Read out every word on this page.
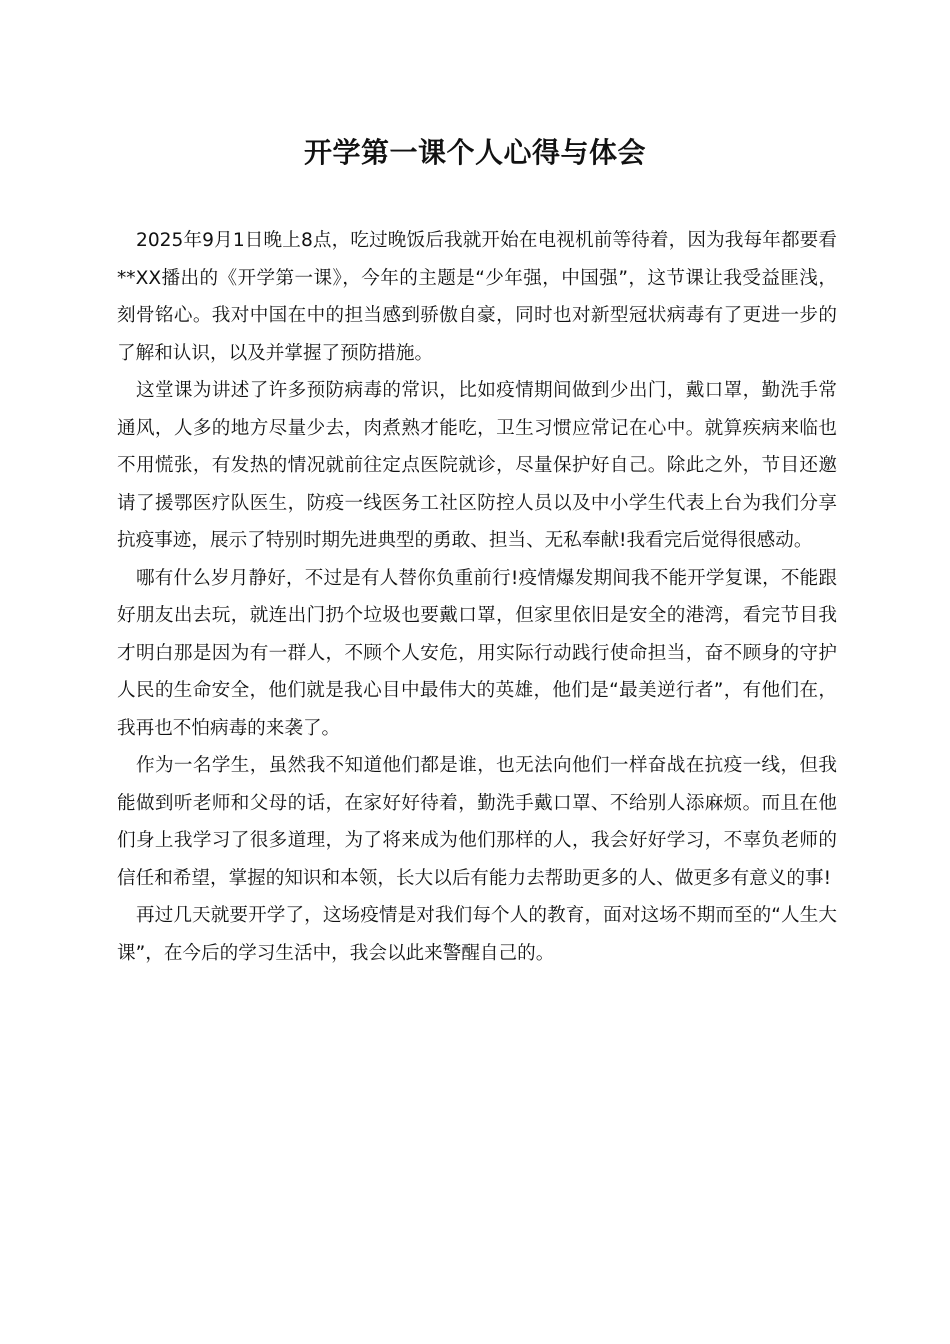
开学第一课个人心得与体会

2025年9月1日晚上8点，吃过晚饭后我就开始在电视机前等待着，因为我每年都要看**XX播出的《开学第一课》，今年的主题是“少年强，中国强”，这节课让我受益匪浅，刻骨铭心。我对中国在中的担当感到骄傲自豪，同时也对新型冠状病毒有了更进一步的了解和认识，以及并掌握了预防措施。

这堂课为讲述了许多预防病毒的常识，比如疫情期间做到少出门，戴口罩，勤洗手常通风，人多的地方尽量少去，肉煮熟才能吃，卫生习惯应常记在心中。就算疾病来临也不用慌张，有发热的情况就前往定点医院就诊，尽量保护好自己。除此之外，节目还邀请了援鄂医疗队医生，防疫一线医务工社区防控人员以及中小学生代表上台为我们分享抗疫事迹，展示了特别时期先进典型的勇敢、担当、无私奉献!我看完后觉得很感动。

哪有什么岁月静好，不过是有人替你负重前行!疫情爆发期间我不能开学复课，不能跟好朋友出去玩，就连出门扔个垃圾也要戴口罩，但家里依旧是安全的港湾，看完节目我才明白那是因为有一群人，不顾个人安危，用实际行动践行使命担当，奋不顾身的守护人民的生命安全，他们就是我心目中最伟大的英雄，他们是“最美逆行者”，有他们在，我再也不怕病毒的来袭了。

作为一名学生，虽然我不知道他们都是谁，也无法向他们一样奋战在抗疫一线，但我能做到听老师和父母的话，在家好好待着，勤洗手戴口罩、不给别人添麻烦。而且在他们身上我学习了很多道理，为了将来成为他们那样的人，我会好好学习，不辜负老师的信任和希望，掌握的知识和本领，长大以后有能力去帮助更多的人、做更多有意义的事!

再过几天就要开学了，这场疫情是对我们每个人的教育，面对这场不期而至的“人生大课”，在今后的学习生活中，我会以此来警醒自己的。
